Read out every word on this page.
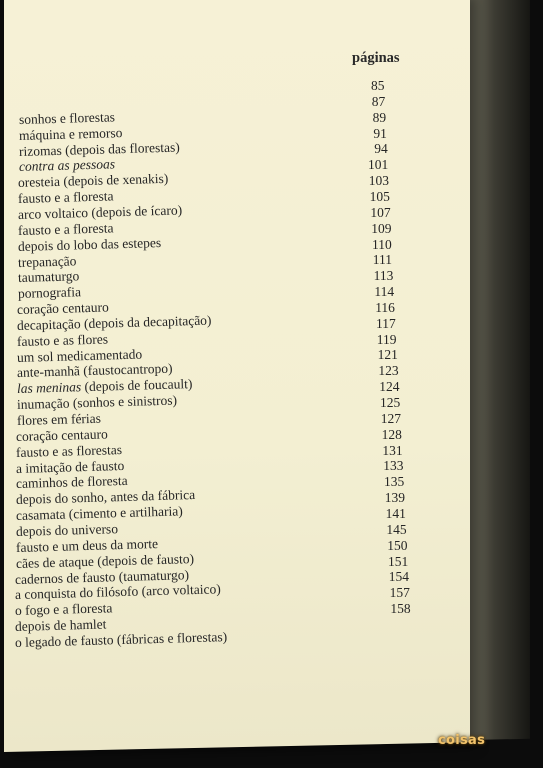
páginas
85
sonhos e florestas
87
máquina e remorso
89
rizomas (depois das florestas)
91
contra as pessoas
94
oresteia (depois de xenakis)
101
fausto e a floresta
103
arco voltaico (depois de ícaro)
105
fausto e a floresta
107
depois do lobo das estepes
109
trepanação
110
taumaturgo
111
pornografia
113
coração centauro
114
decapitação (depois da decapitação)
116
fausto e as flores
117
um sol medicamentado
119
ante-manhã (faustocantropo)
121
las meninas (depois de foucault)
123
inumação (sonhos e sinistros)
124
flores em férias
125
coração centauro
127
fausto e as florestas
128
a imitação de fausto
131
caminhos de floresta
133
depois do sonho, antes da fábrica
135
casamata (cimento e artilharia)
139
depois do universo
141
fausto e um deus da morte
145
cães de ataque (depois de fausto)
150
cadernos de fausto (taumaturgo)
151
a conquista do filósofo (arco voltaico)
154
o fogo e a floresta
157
depois de hamlet
158
o legado de fausto (fábricas e florestas)
coisas
